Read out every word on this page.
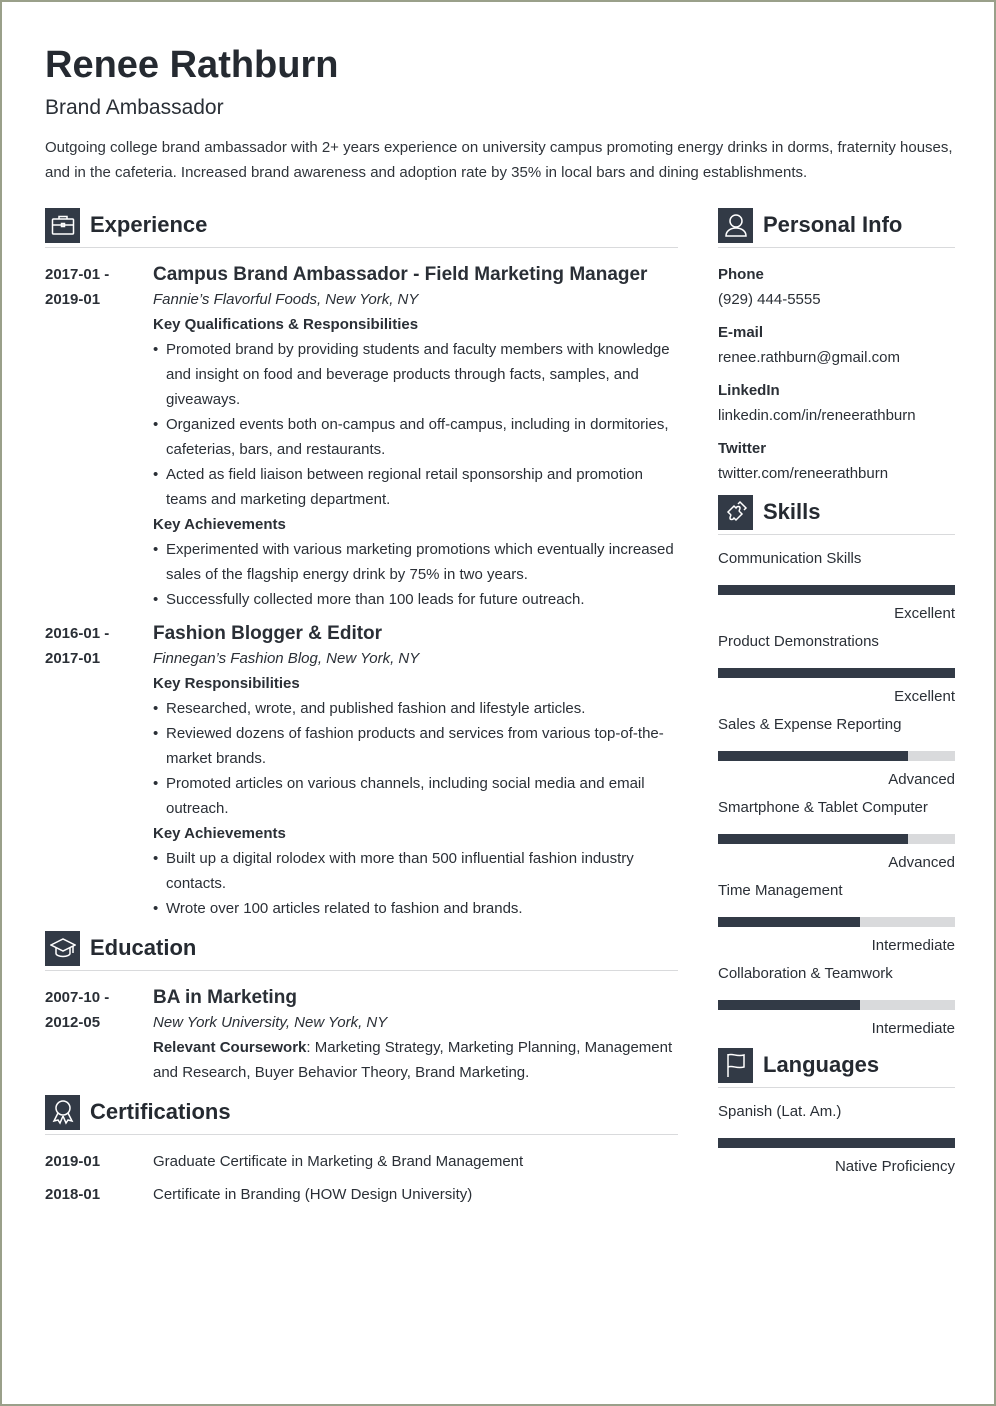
Renee Rathburn
Brand Ambassador
Outgoing college brand ambassador with 2+ years experience on university campus promoting energy drinks in dorms, fraternity houses, and in the cafeteria. Increased brand awareness and adoption rate by 35% in local bars and dining establishments.
Experience
2017-01 -
2019-01
Campus Brand Ambassador - Field Marketing Manager
Fannie’s Flavorful Foods, New York, NY
Key Qualifications & Responsibilities
• Promoted brand by providing students and faculty members with knowledge and insight on food and beverage products through facts, samples, and giveaways.
• Organized events both on-campus and off-campus, including in dormitories, cafeterias, bars, and restaurants.
• Acted as field liaison between regional retail sponsorship and promotion teams and marketing department.
Key Achievements
• Experimented with various marketing promotions which eventually increased sales of the flagship energy drink by 75% in two years.
• Successfully collected more than 100 leads for future outreach.
2016-01 -
2017-01
Fashion Blogger & Editor
Finnegan’s Fashion Blog, New York, NY
Key Responsibilities
• Researched, wrote, and published fashion and lifestyle articles.
• Reviewed dozens of fashion products and services from various top-of-the-market brands.
• Promoted articles on various channels, including social media and email outreach.
Key Achievements
• Built up a digital rolodex with more than 500 influential fashion industry contacts.
• Wrote over 100 articles related to fashion and brands.
Education
2007-10 -
2012-05
BA in Marketing
New York University, New York, NY
Relevant Coursework: Marketing Strategy, Marketing Planning, Management and Research, Buyer Behavior Theory, Brand Marketing.
Certifications
2019-01	Graduate Certificate in Marketing & Brand Management
2018-01	Certificate in Branding (HOW Design University)
Personal Info
Phone
(929) 444-5555
E-mail
renee.rathburn@gmail.com
LinkedIn
linkedin.com/in/reneerathburn
Twitter
twitter.com/reneerathburn
Skills
Communication Skills
Excellent
Product Demonstrations
Excellent
Sales & Expense Reporting
Advanced
Smartphone & Tablet Computer
Advanced
Time Management
Intermediate
Collaboration & Teamwork
Intermediate
Languages
Spanish (Lat. Am.)
Native Proficiency
